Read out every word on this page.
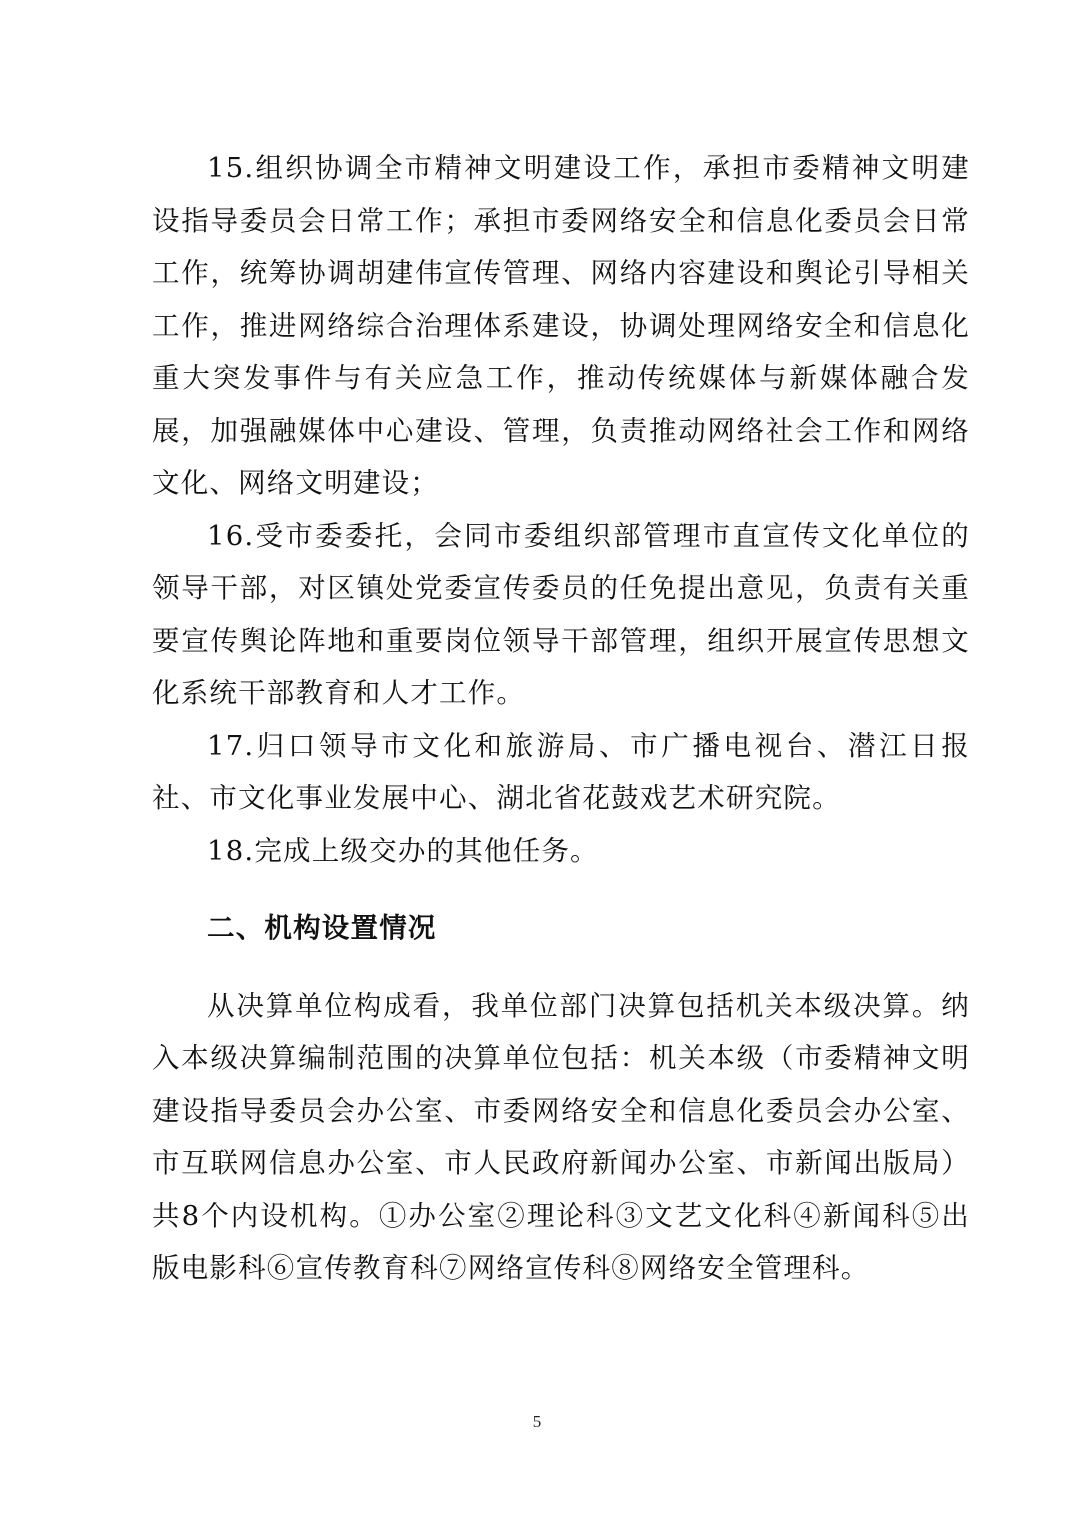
15.组织协调全市精神文明建设工作，承担市委精神文明建设指导委员会日常工作；承担市委网络安全和信息化委员会日常工作，统筹协调胡建伟宣传管理、网络内容建设和舆论引导相关工作，推进网络综合治理体系建设，协调处理网络安全和信息化重大突发事件与有关应急工作，推动传统媒体与新媒体融合发展，加强融媒体中心建设、管理，负责推动网络社会工作和网络文化、网络文明建设；

16.受市委委托，会同市委组织部管理市直宣传文化单位的领导干部，对区镇处党委宣传委员的任免提出意见，负责有关重要宣传舆论阵地和重要岗位领导干部管理，组织开展宣传思想文化系统干部教育和人才工作。

17.归口领导市文化和旅游局、市广播电视台、潜江日报社、市文化事业发展中心、湖北省花鼓戏艺术研究院。

18.完成上级交办的其他任务。

二、机构设置情况

从决算单位构成看，我单位部门决算包括机关本级决算。纳入本级决算编制范围的决算单位包括：机关本级（市委精神文明建设指导委员会办公室、市委网络安全和信息化委员会办公室、市互联网信息办公室、市人民政府新闻办公室、市新闻出版局）共8个内设机构。①办公室②理论科③文艺文化科④新闻科⑤出版电影科⑥宣传教育科⑦网络宣传科⑧网络安全管理科。

5
